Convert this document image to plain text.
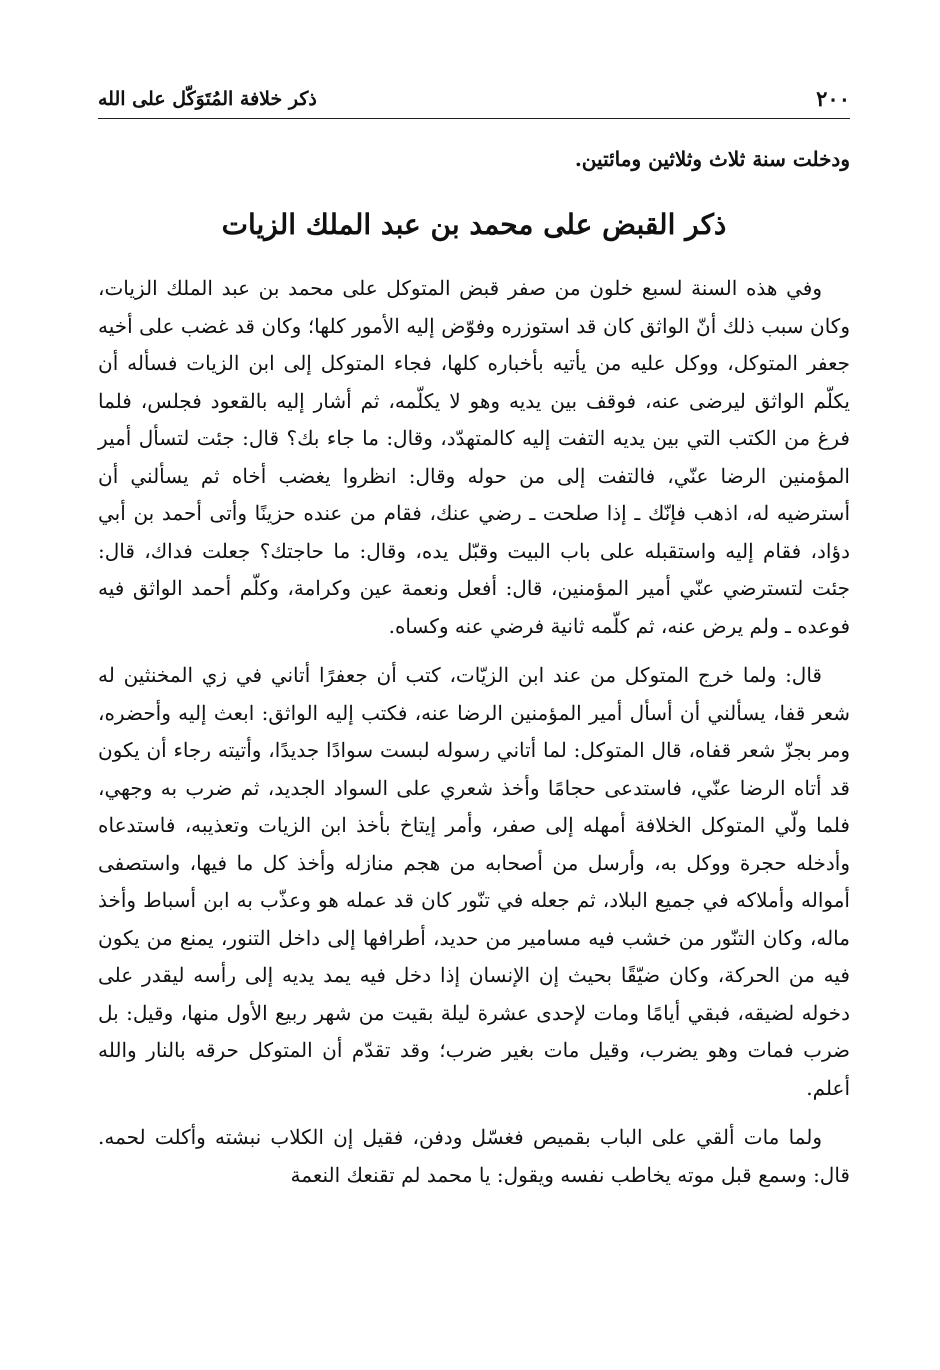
٢٠٠
ذكر خلافة المُتَوَكّل على الله
ودخلت سنة ثلاث وثلاثين ومائتين.
ذكر القبض على محمد بن عبد الملك الزيات

وفي هذه السنة لسبع خلون من صفر قبض المتوكل على محمد بن عبد الملك الزيات، وكان سبب ذلك أنّ الواثق كان قد استوزره وفوّض إليه الأمور كلها؛ وكان قد غضب على أخيه جعفر المتوكل، ووكل عليه من يأتيه بأخباره كلها، فجاء المتوكل إلى ابن الزيات فسأله أن يكلّم الواثق ليرضى عنه، فوقف بين يديه وهو لا يكلّمه، ثم أشار إليه بالقعود فجلس، فلما فرغ من الكتب التي بين يديه التفت إليه كالمتهدّد، وقال: ما جاء بك؟ قال: جئت لتسأل أمير المؤمنين الرضا عنّي، فالتفت إلى من حوله وقال: انظروا يغضب أخاه ثم يسألني أن أسترضيه له، اذهب فإنّك ـ إذا صلحت ـ رضي عنك، فقام من عنده حزينًا وأتى أحمد بن أبي دؤاد، فقام إليه واستقبله على باب البيت وقبّل يده، وقال: ما حاجتك؟ جعلت فداك، قال: جئت لتسترضي عنّي أمير المؤمنين، قال: أفعل ونعمة عين وكرامة، وكلّم أحمد الواثق فيه فوعده ـ ولم يرض عنه، ثم كلّمه ثانية فرضي عنه وكساه.

قال: ولما خرج المتوكل من عند ابن الزيّات، كتب أن جعفرًا أتاني في زي المخنثين له شعر قفا، يسألني أن أسأل أمير المؤمنين الرضا عنه، فكتب إليه الواثق: ابعث إليه وأحضره، ومر بجزّ شعر قفاه، قال المتوكل: لما أتاني رسوله لبست سوادًا جديدًا، وأتيته رجاء أن يكون قد أتاه الرضا عنّي، فاستدعى حجامًا وأخذ شعري على السواد الجديد، ثم ضرب به وجهي، فلما ولّي المتوكل الخلافة أمهله إلى صفر، وأمر إيتاخ بأخذ ابن الزيات وتعذيبه، فاستدعاه وأدخله حجرة ووكل به، وأرسل من أصحابه من هجم منازله وأخذ كل ما فيها، واستصفى أمواله وأملاكه في جميع البلاد، ثم جعله في تنّور كان قد عمله هو وعذّب به ابن أسباط وأخذ ماله، وكان التنّور من خشب فيه مسامير من حديد، أطرافها إلى داخل التنور، يمنع من يكون فيه من الحركة، وكان ضيّقًا بحيث إن الإنسان إذا دخل فيه يمد يديه إلى رأسه ليقدر على دخوله لضيقه، فبقي أيامًا ومات لإحدى عشرة ليلة بقيت من شهر ربيع الأول منها، وقيل: بل ضرب فمات وهو يضرب، وقيل مات بغير ضرب؛ وقد تقدّم أن المتوكل حرقه بالنار والله أعلم.

ولما مات ألقي على الباب بقميص فغسّل ودفن، فقيل إن الكلاب نبشته وأكلت لحمه. قال: وسمع قبل موته يخاطب نفسه ويقول: يا محمد لم تقنعك النعمة
